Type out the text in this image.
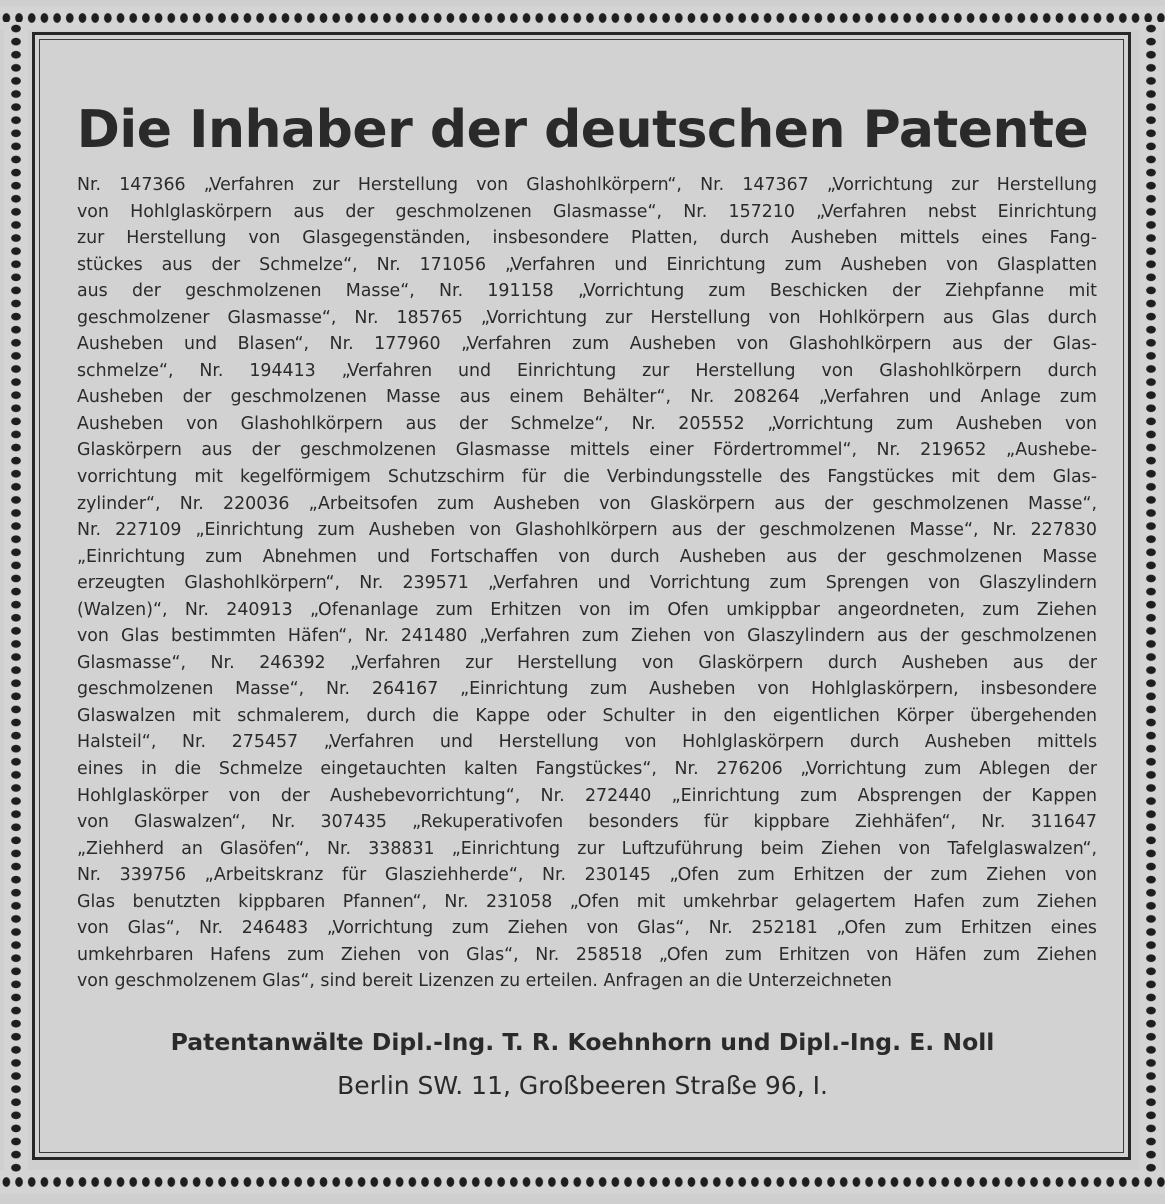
Die Inhaber der deutschen Patente
Nr. 147366 „Verfahren zur Herstellung von Glashohlkörpern“, Nr. 147367 „Vorrichtung zur Herstellung
von Hohlglaskörpern aus der geschmolzenen Glasmasse“, Nr. 157210 „Verfahren nebst Einrichtung
zur Herstellung von Glasgegenständen, insbesondere Platten, durch Ausheben mittels eines Fang-
stückes aus der Schmelze“, Nr. 171056 „Verfahren und Einrichtung zum Ausheben von Glasplatten
aus der geschmolzenen Masse“, Nr. 191158 „Vorrichtung zum Beschicken der Ziehpfanne mit
geschmolzener Glasmasse“, Nr. 185765 „Vorrichtung zur Herstellung von Hohlkörpern aus Glas durch
Ausheben und Blasen“, Nr. 177960 „Verfahren zum Ausheben von Glashohlkörpern aus der Glas-
schmelze“, Nr. 194413 „Verfahren und Einrichtung zur Herstellung von Glashohlkörpern durch
Ausheben der geschmolzenen Masse aus einem Behälter“, Nr. 208264 „Verfahren und Anlage zum
Ausheben von Glashohlkörpern aus der Schmelze“, Nr. 205552 „Vorrichtung zum Ausheben von
Glaskörpern aus der geschmolzenen Glasmasse mittels einer Fördertrommel“, Nr. 219652 „Aushebe-
vorrichtung mit kegelförmigem Schutzschirm für die Verbindungsstelle des Fangstückes mit dem Glas-
zylinder“, Nr. 220036 „Arbeitsofen zum Ausheben von Glaskörpern aus der geschmolzenen Masse“,
Nr. 227109 „Einrichtung zum Ausheben von Glashohlkörpern aus der geschmolzenen Masse“, Nr. 227830
„Einrichtung zum Abnehmen und Fortschaffen von durch Ausheben aus der geschmolzenen Masse
erzeugten Glashohlkörpern“, Nr. 239571 „Verfahren und Vorrichtung zum Sprengen von Glaszylindern
(Walzen)“, Nr. 240913 „Ofenanlage zum Erhitzen von im Ofen umkippbar angeordneten, zum Ziehen
von Glas bestimmten Häfen“, Nr. 241480 „Verfahren zum Ziehen von Glaszylindern aus der geschmolzenen
Glasmasse“, Nr. 246392 „Verfahren zur Herstellung von Glaskörpern durch Ausheben aus der
geschmolzenen Masse“, Nr. 264167 „Einrichtung zum Ausheben von Hohlglaskörpern, insbesondere
Glaswalzen mit schmalerem, durch die Kappe oder Schulter in den eigentlichen Körper übergehenden
Halsteil“, Nr. 275457 „Verfahren und Herstellung von Hohlglaskörpern durch Ausheben mittels
eines in die Schmelze eingetauchten kalten Fangstückes“, Nr. 276206 „Vorrichtung zum Ablegen der
Hohlglaskörper von der Aushebevorrichtung“, Nr. 272440 „Einrichtung zum Absprengen der Kappen
von Glaswalzen“, Nr. 307435 „Rekuperativofen besonders für kippbare Ziehhäfen“, Nr. 311647
„Ziehherd an Glasöfen“, Nr. 338831 „Einrichtung zur Luftzuführung beim Ziehen von Tafelglaswalzen“,
Nr. 339756 „Arbeitskranz für Glasziehherde“, Nr. 230145 „Ofen zum Erhitzen der zum Ziehen von
Glas benutzten kippbaren Pfannen“, Nr. 231058 „Ofen mit umkehrbar gelagertem Hafen zum Ziehen
von Glas“, Nr. 246483 „Vorrichtung zum Ziehen von Glas“, Nr. 252181 „Ofen zum Erhitzen eines
umkehrbaren Hafens zum Ziehen von Glas“, Nr. 258518 „Ofen zum Erhitzen von Häfen zum Ziehen
von geschmolzenem Glas“, sind bereit Lizenzen zu erteilen. Anfragen an die Unterzeichneten

Patentanwälte Dipl.-Ing. T. R. Koehnhorn und Dipl.-Ing. E. Noll

Berlin SW. 11, Großbeeren Straße 96, I.
